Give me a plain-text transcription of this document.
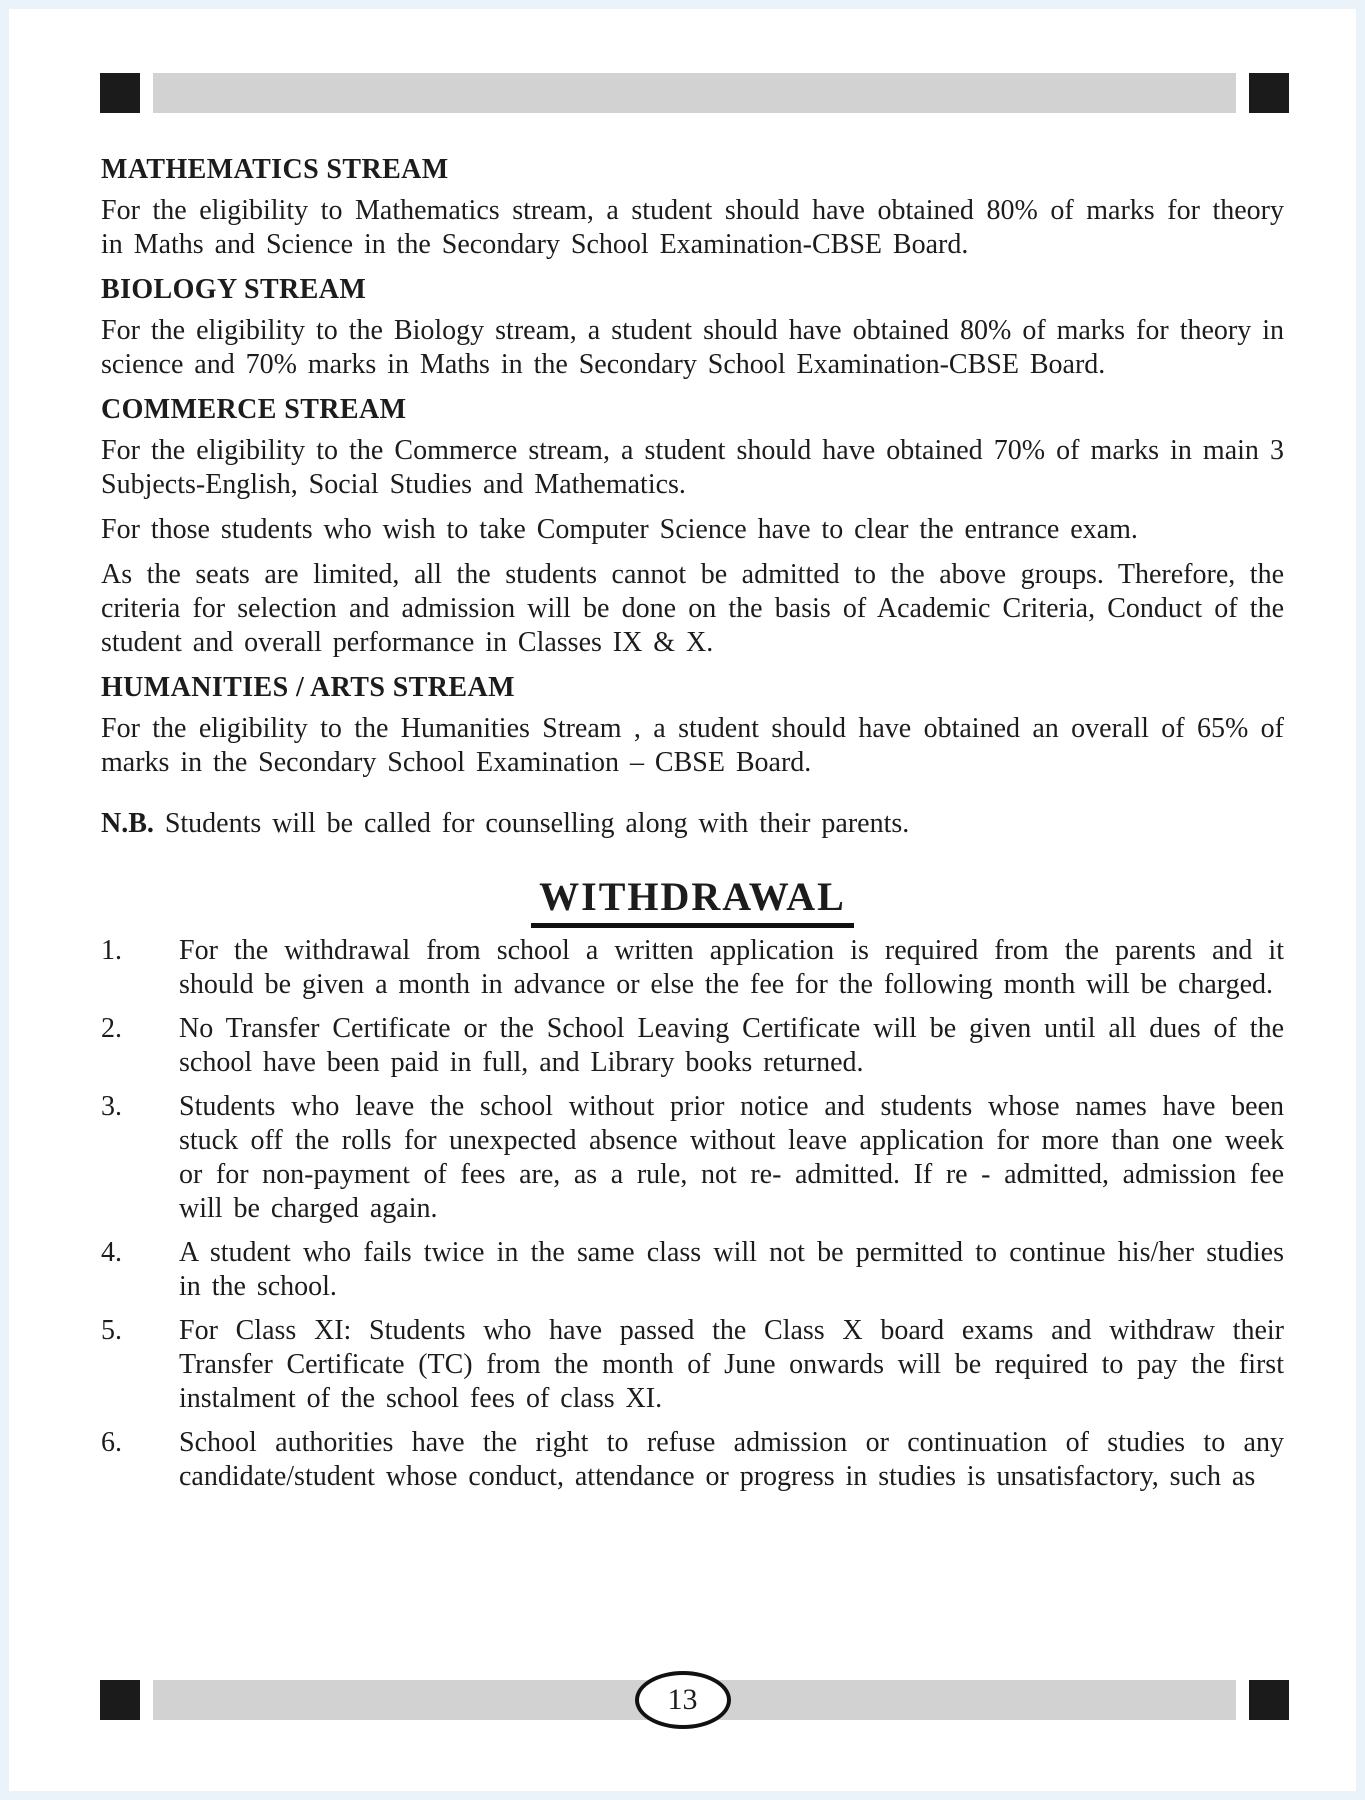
MATHEMATICS STREAM

For the eligibility to Mathematics stream, a student should have obtained 80% of marks for theory in Maths and Science in the Secondary School Examination-CBSE Board.

BIOLOGY STREAM

For the eligibility to the Biology stream, a student should have obtained 80% of marks for theory in science and 70% marks in Maths in the Secondary School Examination-CBSE Board.

COMMERCE STREAM

For the eligibility to the Commerce stream, a student should have obtained 70% of marks in main 3 Subjects-English, Social Studies and Mathematics.

For those students who wish to take Computer Science have to clear the entrance exam.

As the seats are limited, all the students cannot be admitted to the above groups. Therefore, the criteria for selection and admission will be done on the basis of Academic Criteria, Conduct of the student and overall performance in Classes IX & X.

HUMANITIES / ARTS STREAM

For the eligibility to the Humanities Stream , a student should have obtained an overall of 65% of marks in the Secondary School Examination – CBSE Board.

N.B. Students will be called for counselling along with their parents.

WITHDRAWAL
1.	For the withdrawal from school a written application is required from the parents and it should be given a month in advance or else the fee for the following month will be charged.
2.	No Transfer Certificate or the School Leaving Certificate will be given until all dues of the school have been paid in full, and Library books returned.
3.	Students who leave the school without prior notice and students whose names have been stuck off the rolls for unexpected absence without leave application for more than one week or for non-payment of fees are, as a rule, not re- admitted. If re - admitted, admission fee will be charged again.
4.	A student who fails twice in the same class will not be permitted to continue his/her studies in the school.
5.	For Class XI: Students who have passed the Class X board exams and withdraw their Transfer Certificate (TC) from the month of June onwards will be required to pay the first instalment of the school fees of class XI.
6.	School authorities have the right to refuse admission or continuation of studies to any candidate/student whose conduct, attendance or progress in studies is unsatisfactory, such as
13
